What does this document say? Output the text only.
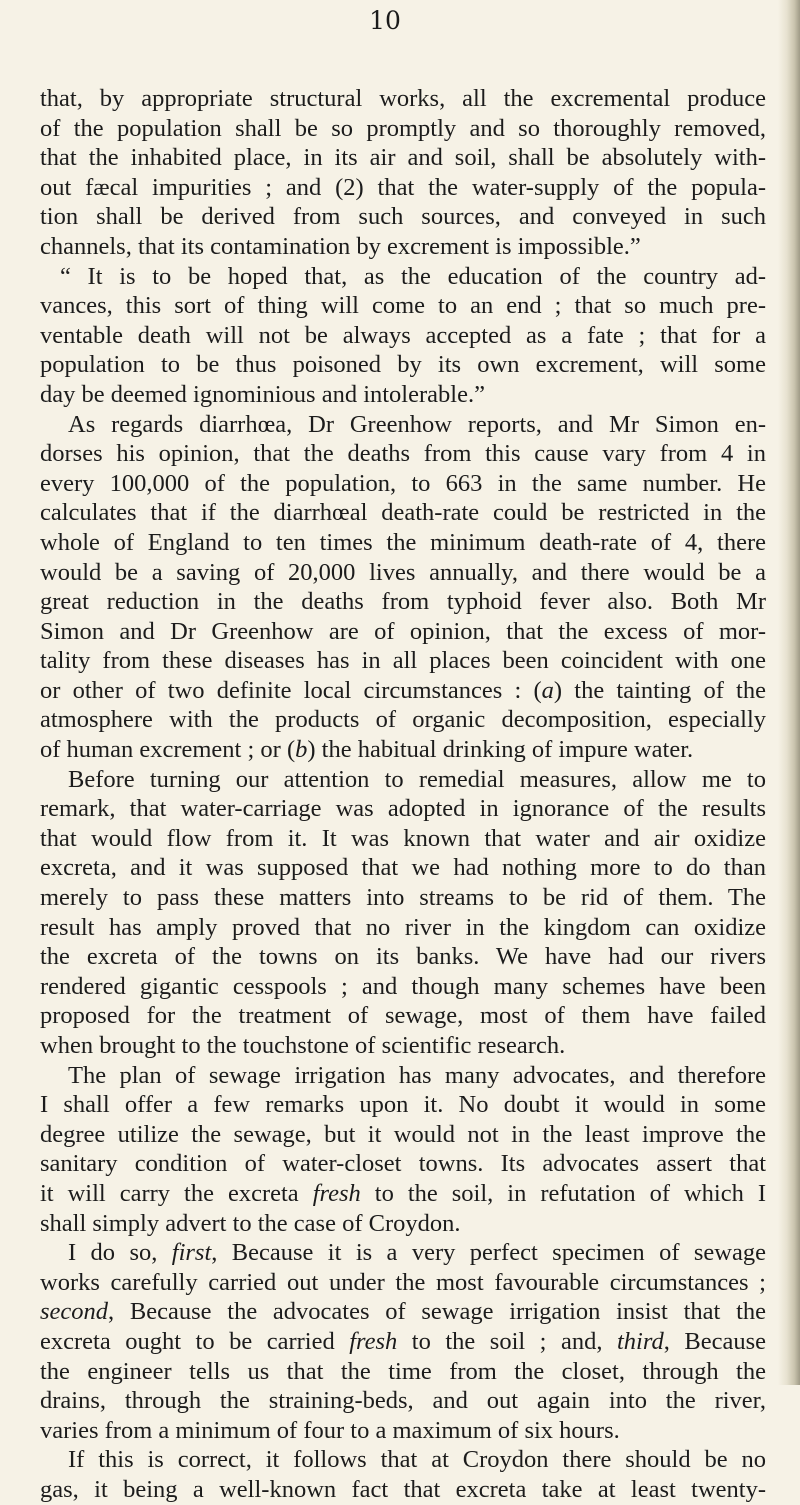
10
that, by appropriate structural works, all the excremental produce
of the population shall be so promptly and so thoroughly removed,
that the inhabited place, in its air and soil, shall be absolutely with-
out fæcal impurities ; and (2) that the water-supply of the popula-
tion shall be derived from such sources, and conveyed in such
channels, that its contamination by excrement is impossible.”
“ It is to be hoped that, as the education of the country ad-
vances, this sort of thing will come to an end ; that so much pre-
ventable death will not be always accepted as a fate ; that for a
population to be thus poisoned by its own excrement, will some
day be deemed ignominious and intolerable.”
As regards diarrhœa, Dr Greenhow reports, and Mr Simon en-
dorses his opinion, that the deaths from this cause vary from 4 in
every 100,000 of the population, to 663 in the same number. He
calculates that if the diarrhœal death-rate could be restricted in the
whole of England to ten times the minimum death-rate of 4, there
would be a saving of 20,000 lives annually, and there would be a
great reduction in the deaths from typhoid fever also. Both Mr
Simon and Dr Greenhow are of opinion, that the excess of mor-
tality from these diseases has in all places been coincident with one
or other of two definite local circumstances : (a) the tainting of the
atmosphere with the products of organic decomposition, especially
of human excrement ; or (b) the habitual drinking of impure water.
Before turning our attention to remedial measures, allow me to
remark, that water-carriage was adopted in ignorance of the results
that would flow from it. It was known that water and air oxidize
excreta, and it was supposed that we had nothing more to do than
merely to pass these matters into streams to be rid of them. The
result has amply proved that no river in the kingdom can oxidize
the excreta of the towns on its banks. We have had our rivers
rendered gigantic cesspools ; and though many schemes have been
proposed for the treatment of sewage, most of them have failed
when brought to the touchstone of scientific research.
The plan of sewage irrigation has many advocates, and therefore
I shall offer a few remarks upon it. No doubt it would in some
degree utilize the sewage, but it would not in the least improve the
sanitary condition of water-closet towns. Its advocates assert that
it will carry the excreta fresh to the soil, in refutation of which I
shall simply advert to the case of Croydon.
I do so, first, Because it is a very perfect specimen of sewage
works carefully carried out under the most favourable circumstances ;
second, Because the advocates of sewage irrigation insist that the
excreta ought to be carried fresh to the soil ; and, third, Because
the engineer tells us that the time from the closet, through the
drains, through the straining-beds, and out again into the river,
varies from a minimum of four to a maximum of six hours.
If this is correct, it follows that at Croydon there should be no
gas, it being a well-known fact that excreta take at least twenty-
